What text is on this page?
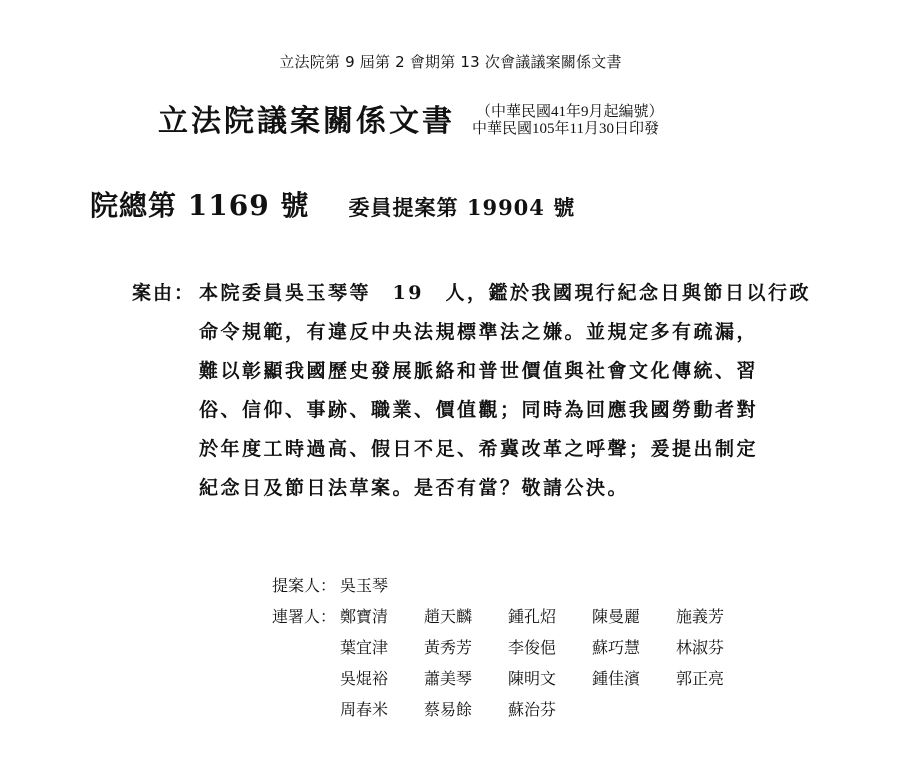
立法院第 9 屆第 2 會期第 13 次會議議案關係文書
立法院議案關係文書 （中華民國41年9月起編號）
中華民國105年11月30日印發
院總第 1169 號 委員提案第 19904 號
案由： 本院委員吳玉琴等　19　人，鑑於我國現行紀念日與節日以行政
命令規範，有違反中央法規標準法之嫌。並規定多有疏漏，
難以彰顯我國歷史發展脈絡和普世價值與社會文化傳統、習
俗、信仰、事跡、職業、價值觀；同時為回應我國勞動者對
於年度工時過高、假日不足、希冀改革之呼聲；爰提出制定
紀念日及節日法草案。是否有當？敬請公決。
提案人： 吳玉琴
連署人： 鄭寶清	趙天麟	鍾孔炤	陳曼麗	施義芳
葉宜津	黃秀芳	李俊俋	蘇巧慧	林淑芬
吳焜裕	蕭美琴	陳明文	鍾佳濱	郭正亮
周春米	蔡易餘	蘇治芬
